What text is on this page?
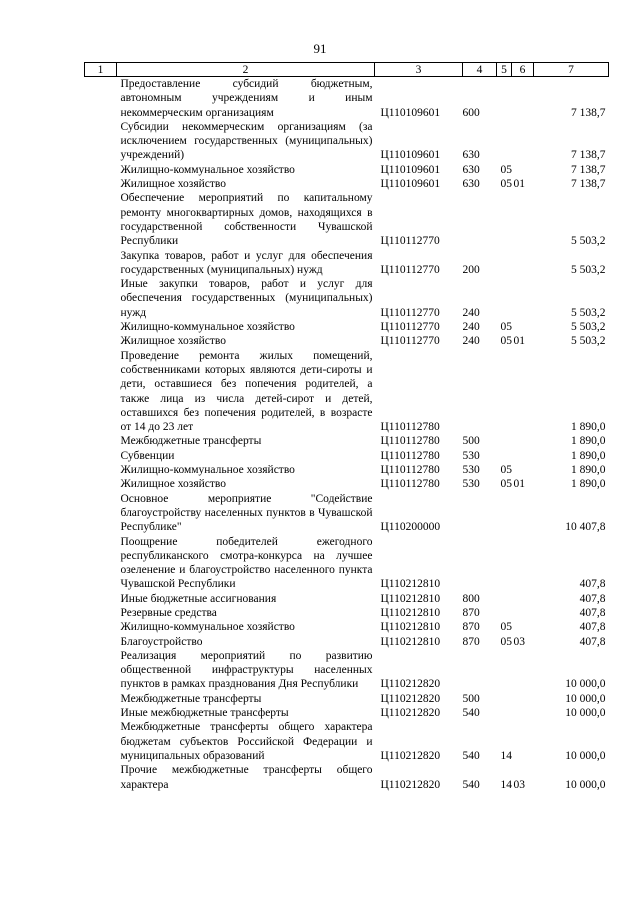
91
1	2	3	4	5	6	7
	Предоставление субсидий бюджетным, автономным учреждениям и иным некоммерческим организациям	Ц110109601	600			7 138,7
	Субсидии некоммерческим организациям (за исключением государственных (муниципальных) учреждений)	Ц110109601	630			7 138,7
	Жилищно-коммунальное хозяйство	Ц110109601	630	05		7 138,7
	Жилищное хозяйство	Ц110109601	630	05	01	7 138,7
	Обеспечение мероприятий по капитальному ремонту многоквартирных домов, находящихся в государственной собственности Чувашской Республики	Ц110112770				5 503,2
	Закупка товаров, работ и услуг для обеспечения государственных (муниципальных) нужд	Ц110112770	200			5 503,2
	Иные закупки товаров, работ и услуг для обеспечения государственных (муниципальных) нужд	Ц110112770	240			5 503,2
	Жилищно-коммунальное хозяйство	Ц110112770	240	05		5 503,2
	Жилищное хозяйство	Ц110112770	240	05	01	5 503,2
	Проведение ремонта жилых помещений, собственниками которых являются дети-сироты и дети, оставшиеся без попечения родителей, а также лица из числа детей-сирот и детей, оставшихся без попечения родителей, в возрасте от 14 до 23 лет	Ц110112780				1 890,0
	Межбюджетные трансферты	Ц110112780	500			1 890,0
	Субвенции	Ц110112780	530			1 890,0
	Жилищно-коммунальное хозяйство	Ц110112780	530	05		1 890,0
	Жилищное хозяйство	Ц110112780	530	05	01	1 890,0
	Основное мероприятие "Содействие благоустройству населенных пунктов в Чувашской Республике"	Ц110200000				10 407,8
	Поощрение победителей ежегодного республиканского смотра-конкурса на лучшее озеленение и благоустройство населенного пункта Чувашской Республики	Ц110212810				407,8
	Иные бюджетные ассигнования	Ц110212810	800			407,8
	Резервные средства	Ц110212810	870			407,8
	Жилищно-коммунальное хозяйство	Ц110212810	870	05		407,8
	Благоустройство	Ц110212810	870	05	03	407,8
	Реализация мероприятий по развитию общественной инфраструктуры населенных пунктов в рамках празднования Дня Республики	Ц110212820				10 000,0
	Межбюджетные трансферты	Ц110212820	500			10 000,0
	Иные межбюджетные трансферты	Ц110212820	540			10 000,0
	Межбюджетные трансферты общего характера бюджетам субъектов Российской Федерации и муниципальных образований	Ц110212820	540	14		10 000,0
	Прочие межбюджетные трансферты общего характера	Ц110212820	540	14	03	10 000,0
